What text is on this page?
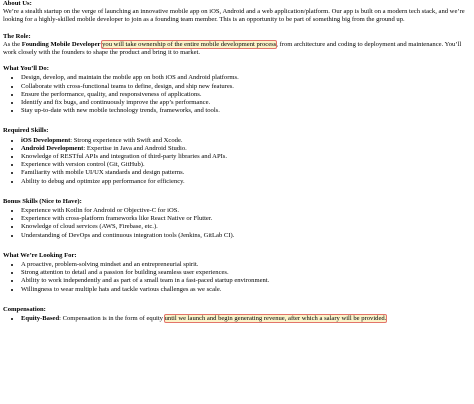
About Us:

We’re a stealth startup on the verge of launching an innovative mobile app on iOS, Android and a web application/platform. Our app is built on a modern tech stack, and we’re looking for a highly-skilled mobile developer to join as a founding team member. This is an opportunity to be part of something big from the ground up.

The Role:

As the Founding Mobile Developer you will take ownership of the entire mobile development process, from architecture and coding to deployment and maintenance. You’ll work closely with the founders to shape the product and bring it to market.

What You’ll Do:

• Design, develop, and maintain the mobile app on both iOS and Android platforms.
• Collaborate with cross-functional teams to define, design, and ship new features.
• Ensure the performance, quality, and responsiveness of applications.
• Identify and fix bugs, and continuously improve the app’s performance.
• Stay up-to-date with new mobile technology trends, frameworks, and tools.

Required Skills:

• iOS Development: Strong experience with Swift and Xcode.
• Android Development: Expertise in Java and Android Studio.
• Knowledge of RESTful APIs and integration of third-party libraries and APIs.
• Experience with version control (Git, GitHub).
• Familiarity with mobile UI/UX standards and design patterns.
• Ability to debug and optimize app performance for efficiency.

Bonus Skills (Nice to Have):

• Experience with Kotlin for Android or Objective-C for iOS.
• Experience with cross-platform frameworks like React Native or Flutter.
• Knowledge of cloud services (AWS, Firebase, etc.).
• Understanding of DevOps and continuous integration tools (Jenkins, GitLab CI).

What We’re Looking For:

• A proactive, problem-solving mindset and an entrepreneurial spirit.
• Strong attention to detail and a passion for building seamless user experiences.
• Ability to work independently and as part of a small team in a fast-paced startup environment.
• Willingness to wear multiple hats and tackle various challenges as we scale.

Compensation:

• Equity-Based: Compensation is in the form of equity until we launch and begin generating revenue, after which a salary will be provided.
